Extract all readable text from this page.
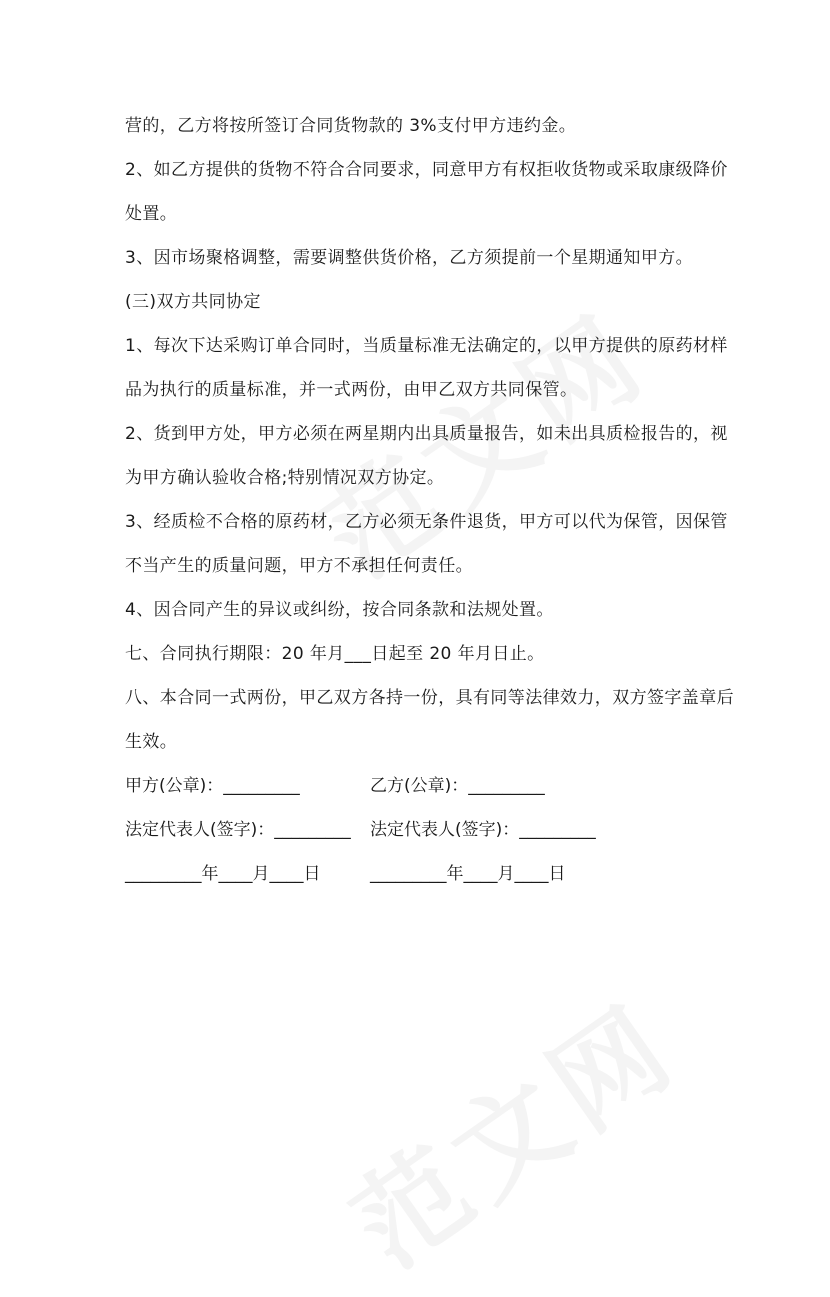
营的，乙方将按所签订合同货物款的 3%支付甲方违约金。
2、如乙方提供的货物不符合合同要求，同意甲方有权拒收货物或采取康级降价
处置。
3、因市场聚格调整，需要调整供货价格，乙方须提前一个星期通知甲方。
(三)双方共同协定
1、每次下达采购订单合同时，当质量标准无法确定的，以甲方提供的原药材样
品为执行的质量标准，并一式两份，由甲乙双方共同保管。
2、货到甲方处，甲方必须在两星期内出具质量报告，如未出具质检报告的，视
为甲方确认验收合格;特别情况双方协定。
3、经质检不合格的原药材，乙方必须无条件退货，甲方可以代为保管，因保管
不当产生的质量问题，甲方不承担任何责任。
4、因合同产生的异议或纠纷，按合同条款和法规处置。
七、合同执行期限：20 年月___日起至 20 年月日止。
八、本合同一式两份，甲乙双方各持一份，具有同等法律效力，双方签字盖章后
生效。
甲方(公章)：_________	乙方(公章)：_________
法定代表人(签字)：_________ 法定代表人(签字)：_________
_________年____月____日	_________年____月____日
